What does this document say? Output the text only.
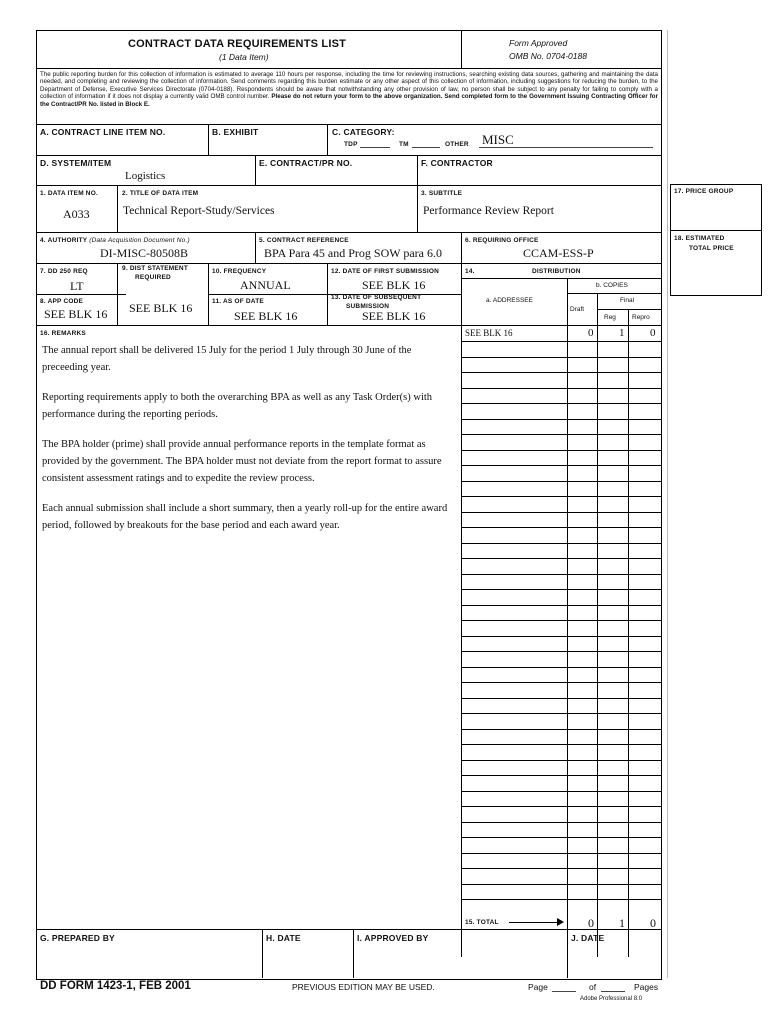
CONTRACT DATA REQUIREMENTS LIST
(1 Data Item)
Form Approved
OMB No. 0704-0188
The public reporting burden for this collection of information is estimated to average 110 hours per response, including the time for reviewing instructions, searching existing data sources, gathering and maintaining the data needed, and completing and reviewing the collection of information. Send comments regarding this burden estimate or any other aspect of this collection of information, including suggestions for reducing the burden, to the Department of Defense, Executive Services Directorate (0704-0188). Respondents should be aware that notwithstanding any other provision of law, no person shall be subject to any penalty for failing to comply with a collection of information if it does not display a currently valid OMB control number. Please do not return your form to the above organization. Send completed form to the Government Issuing Contracting Officer for the Contract/PR No. listed in Block E.
A. CONTRACT LINE ITEM NO.	B. EXHIBIT	C. CATEGORY:
TDP	TM	OTHER MISC
D. SYSTEM/ITEM
Logistics
E. CONTRACT/PR NO.	F. CONTRACTOR
1. DATA ITEM NO.
A033
2. TITLE OF DATA ITEM
Technical Report-Study/Services
3. SUBTITLE
Performance Review Report
4. AUTHORITY (Data Acquisition Document No.)
DI-MISC-80508B
5. CONTRACT REFERENCE
BPA Para 45 and Prog SOW para 6.0
6. REQUIRING OFFICE
CCAM-ESS-P
7. DD 250 REQ
LT
9. DIST STATEMENT
REQUIRED
SEE BLK 16
10. FREQUENCY
ANNUAL
12. DATE OF FIRST SUBMISSION
SEE BLK 16
14.	DISTRIBUTION
8. APP CODE
SEE BLK 16
11. AS OF DATE
SEE BLK 16
13. DATE OF SUBSEQUENT
SUBMISSION
SEE BLK 16
a. ADDRESSEE
b. COPIES
Draft
Final
Reg Repro
SEE BLK 16	0 1 0
16. REMARKS

The annual report shall be delivered 15 July for the period 1 July through 30 June of the preceeding year.

Reporting requirements apply to both the overarching BPA as well as any Task Order(s) with performance during the reporting periods.

The BPA holder (prime) shall provide annual performance reports in the template format as provided by the government. The BPA holder must not deviate from the report format to assure consistent assessment ratings and to expedite the review process.

Each annual submission shall include a short summary, then a yearly roll-up for the entire award period, followed by breakouts for the base period and each award year.

15. TOTAL	0 1 0
G. PREPARED BY	H. DATE	I. APPROVED BY	J. DATE
17. PRICE GROUP
18. ESTIMATED
TOTAL PRICE
DD FORM 1423-1, FEB 2001	PREVIOUS EDITION MAY BE USED.	Page	of	Pages
Adobe Professional 8.0
